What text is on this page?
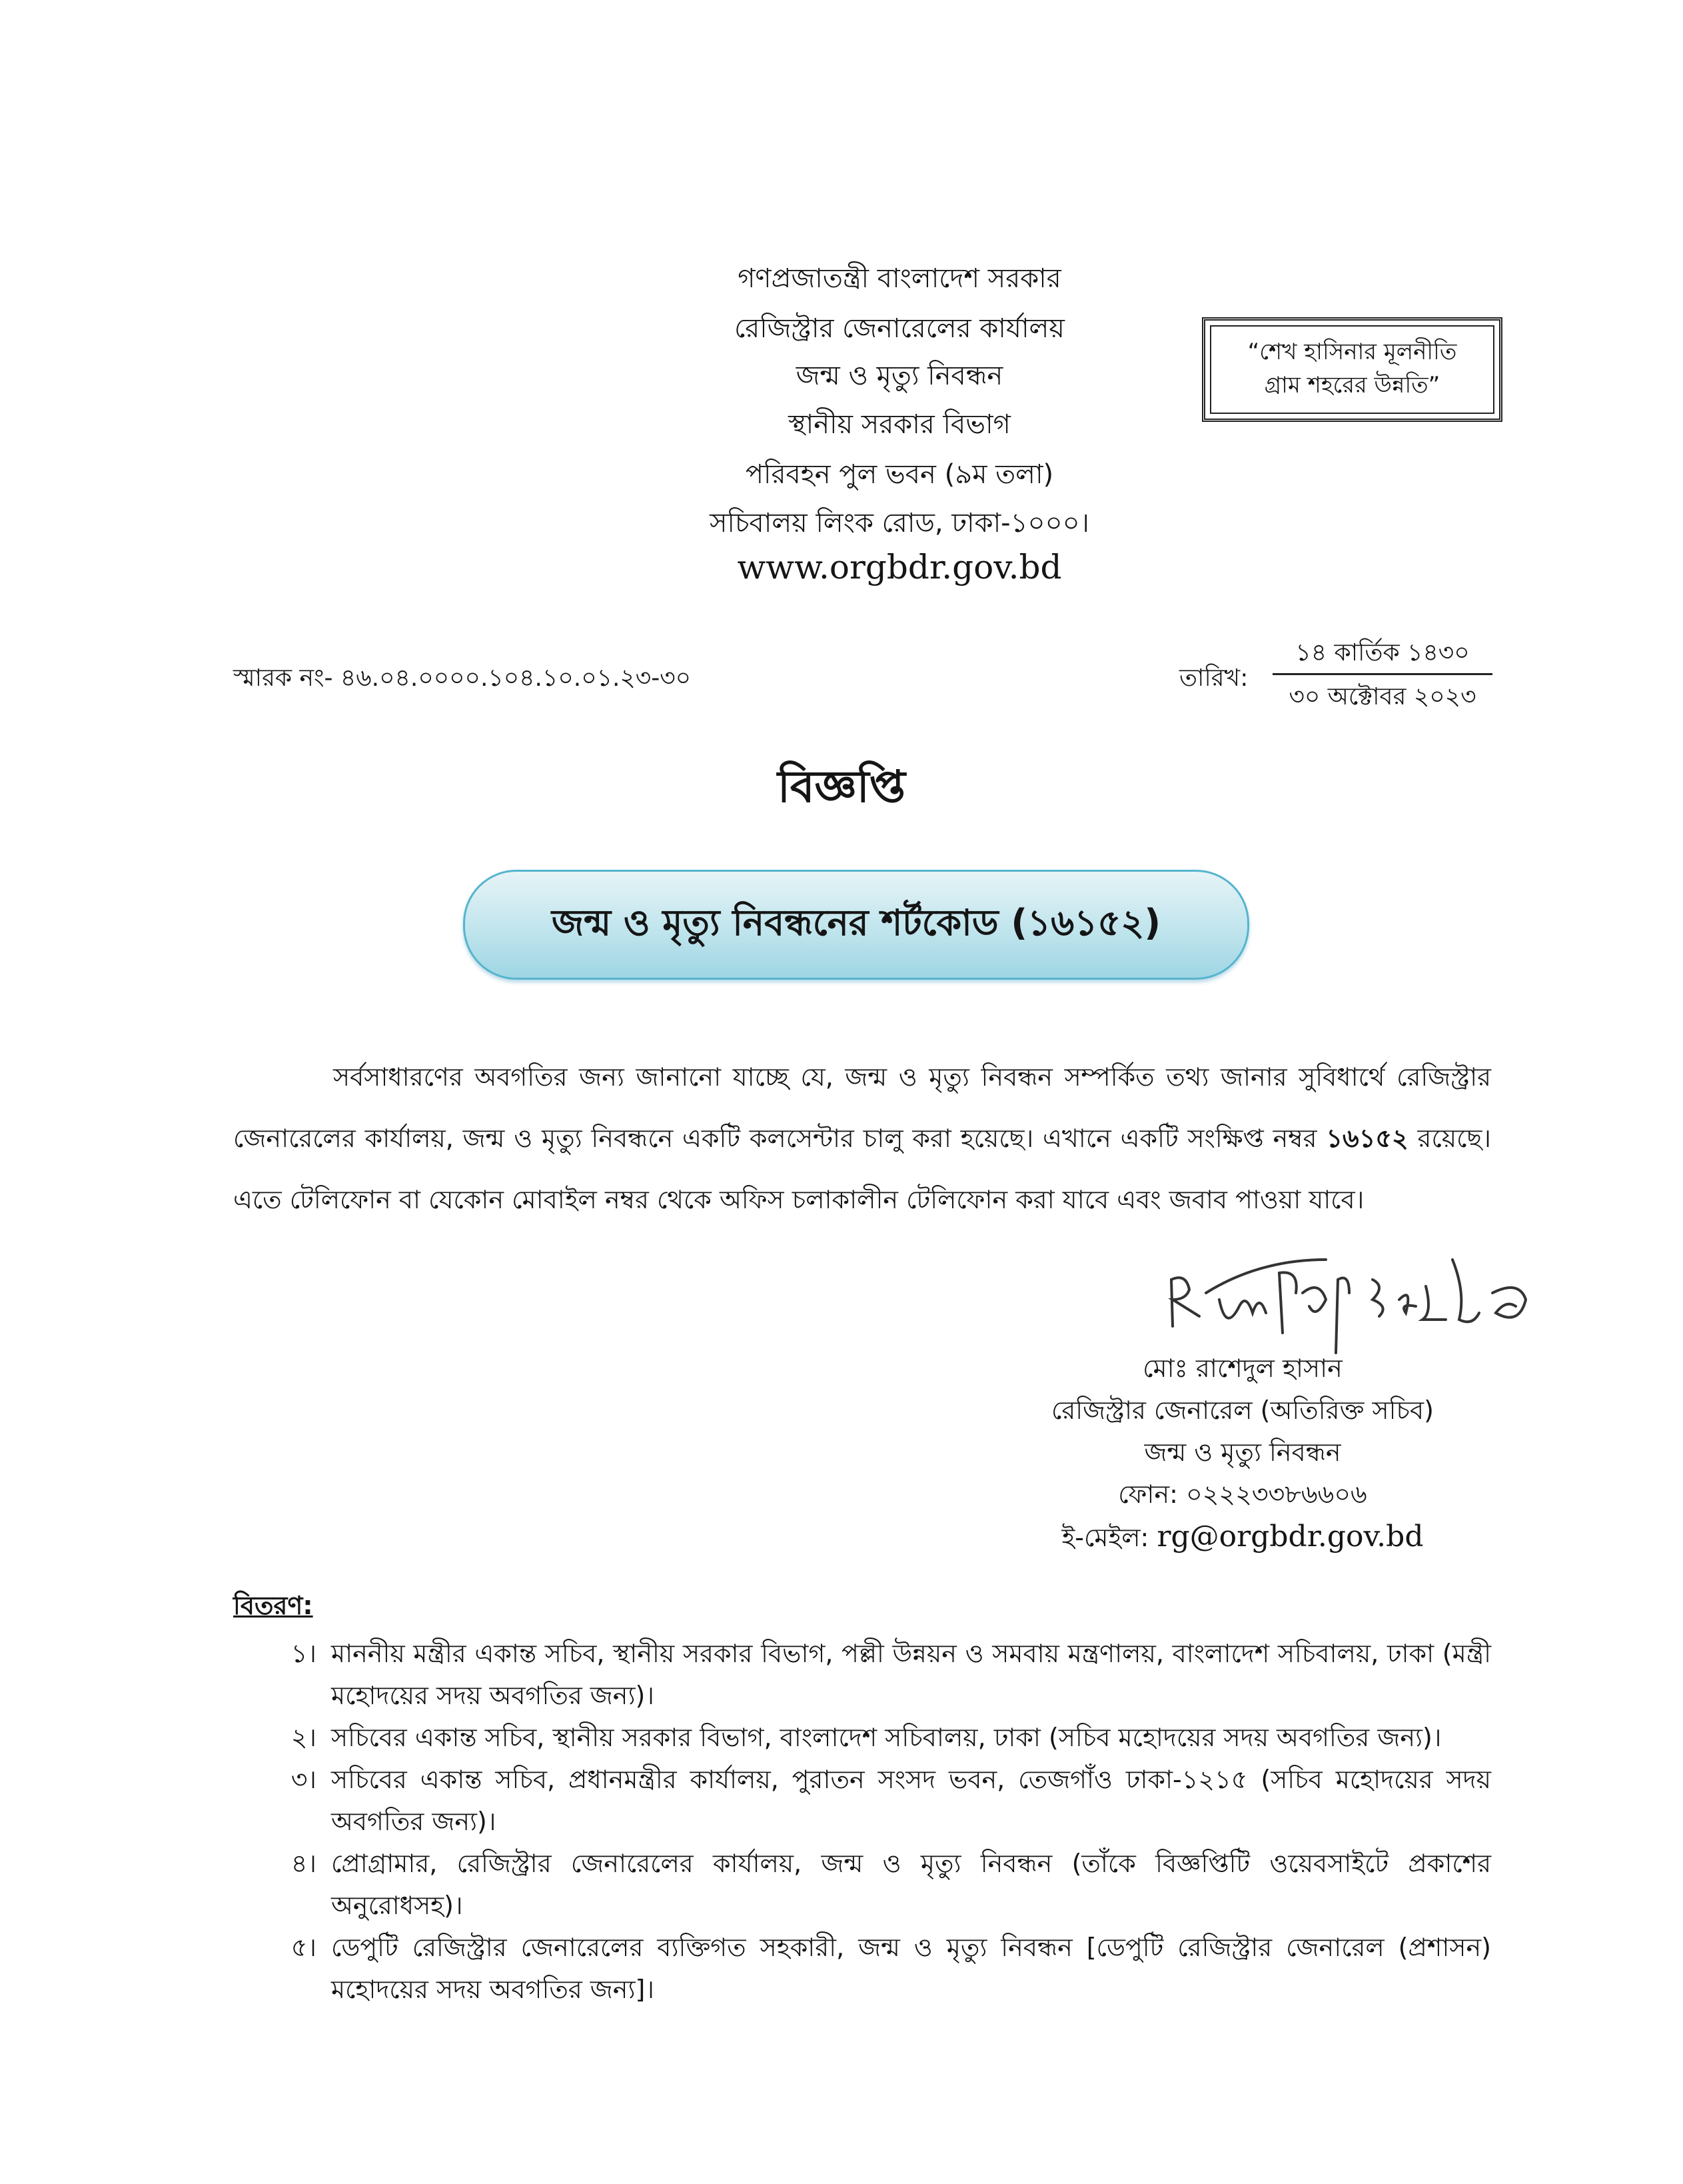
গণপ্রজাতন্ত্রী বাংলাদেশ সরকার
রেজিস্ট্রার জেনারেলের কার্যালয়
জন্ম ও মৃত্যু নিবন্ধন
স্থানীয় সরকার বিভাগ
পরিবহন পুল ভবন (৯ম তলা)
সচিবালয় লিংক রোড, ঢাকা-১০০০।
www.orgbdr.gov.bd
“শেখ হাসিনার মূলনীতি
গ্রাম শহরের উন্নতি”
স্মারক নং- ৪৬.০৪.০০০০.১০৪.১০.০১.২৩-৩০	তারিখ:
১৪ কার্তিক ১৪৩০
৩০ অক্টোবর ২০২৩
বিজ্ঞপ্তি
জন্ম ও মৃত্যু নিবন্ধনের শর্টকোড (১৬১৫২)
সর্বসাধারণের অবগতির জন্য জানানো যাচ্ছে যে, জন্ম ও মৃত্যু নিবন্ধন সম্পর্কিত তথ্য জানার সুবিধার্থে রেজিস্ট্রার জেনারেলের কার্যালয়, জন্ম ও মৃত্যু নিবন্ধনে একটি কলসেন্টার চালু করা হয়েছে। এখানে একটি সংক্ষিপ্ত নম্বর ১৬১৫২ রয়েছে। এতে টেলিফোন বা যেকোন মোবাইল নম্বর থেকে অফিস চলাকালীন টেলিফোন করা যাবে এবং জবাব পাওয়া যাবে।
মোঃ রাশেদুল হাসান
রেজিস্ট্রার জেনারেল (অতিরিক্ত সচিব)
জন্ম ও মৃত্যু নিবন্ধন
ফোন: ০২২২৩৩৮৬৬০৬
ই-মেইল: rg@orgbdr.gov.bd
বিতরণ:
১। মাননীয় মন্ত্রীর একান্ত সচিব, স্থানীয় সরকার বিভাগ, পল্লী উন্নয়ন ও সমবায় মন্ত্রণালয়, বাংলাদেশ সচিবালয়, ঢাকা (মন্ত্রী মহোদয়ের সদয় অবগতির জন্য)।
২। সচিবের একান্ত সচিব, স্থানীয় সরকার বিভাগ, বাংলাদেশ সচিবালয়, ঢাকা (সচিব মহোদয়ের সদয় অবগতির জন্য)।
৩। সচিবের একান্ত সচিব, প্রধানমন্ত্রীর কার্যালয়, পুরাতন সংসদ ভবন, তেজগাঁও ঢাকা-১২১৫ (সচিব মহোদয়ের সদয় অবগতির জন্য)।
৪। প্রোগ্রামার, রেজিস্ট্রার জেনারেলের কার্যালয়, জন্ম ও মৃত্যু নিবন্ধন (তাঁকে বিজ্ঞপ্তিটি ওয়েবসাইটে প্রকাশের অনুরোধসহ)।
৫। ডেপুটি রেজিস্ট্রার জেনারেলের ব্যক্তিগত সহকারী, জন্ম ও মৃত্যু নিবন্ধন [ডেপুটি রেজিস্ট্রার জেনারেল (প্রশাসন) মহোদয়ের সদয় অবগতির জন্য]।
